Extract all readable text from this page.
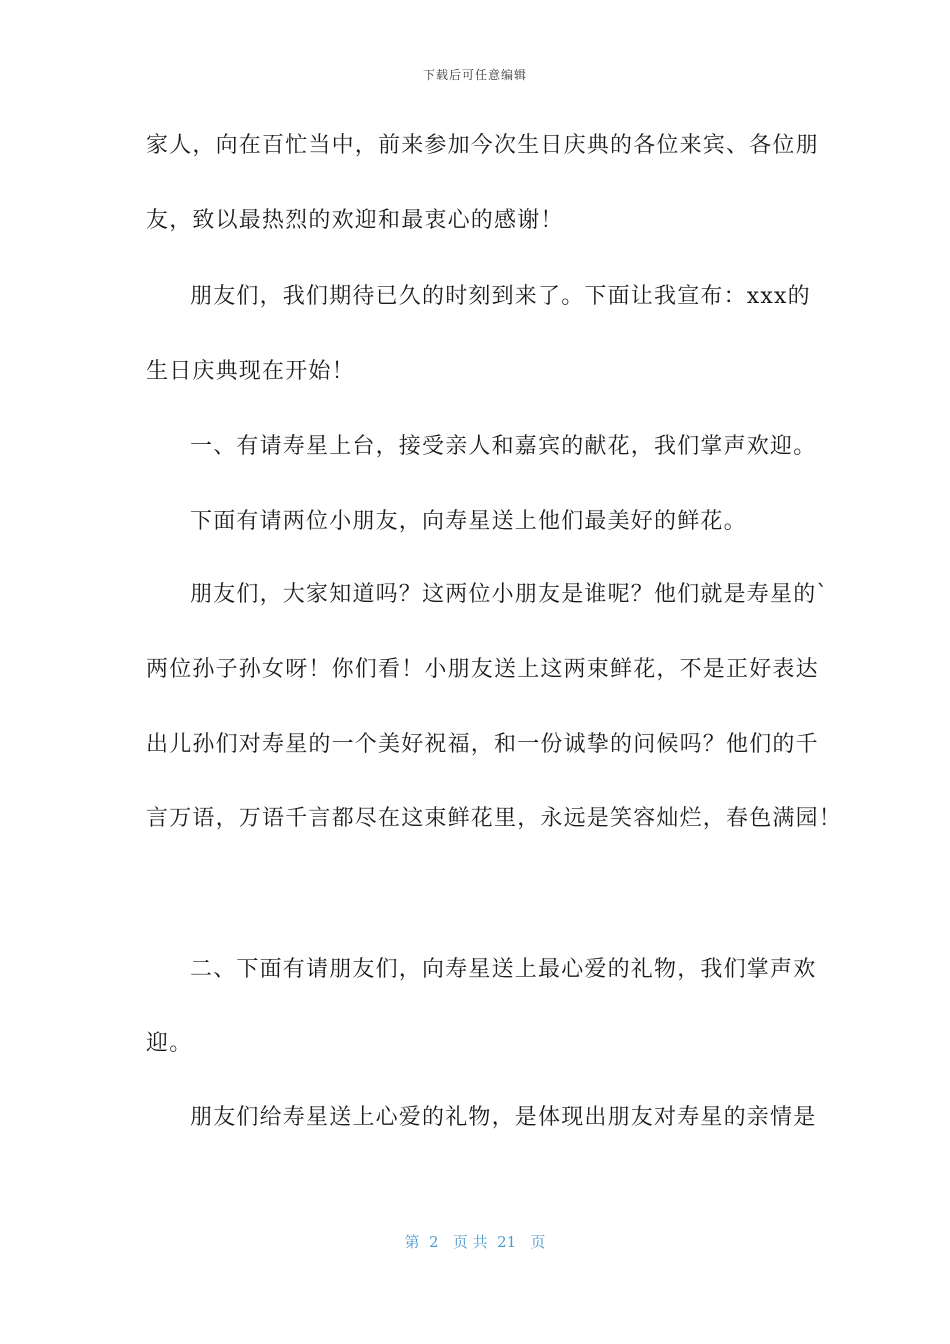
下载后可任意编辑
家人，向在百忙当中，前来参加今次生日庆典的各位来宾、各位朋
友，致以最热烈的欢迎和最衷心的感谢！
朋友们，我们期待已久的时刻到来了。下面让我宣布：xxx的
生日庆典现在开始！
一、有请寿星上台，接受亲人和嘉宾的献花，我们掌声欢迎。
下面有请两位小朋友，向寿星送上他们最美好的鲜花。
朋友们，大家知道吗？这两位小朋友是谁呢？他们就是寿星的`
两位孙子孙女呀！你们看！小朋友送上这两束鲜花，不是正好表达
出儿孙们对寿星的一个美好祝福，和一份诚挚的问候吗？他们的千
言万语，万语千言都尽在这束鲜花里，永远是笑容灿烂，春色满园！
二、下面有请朋友们，向寿星送上最心爱的礼物，我们掌声欢
迎。
朋友们给寿星送上心爱的礼物，是体现出朋友对寿星的亲情是
第  2   页 共  21   页
